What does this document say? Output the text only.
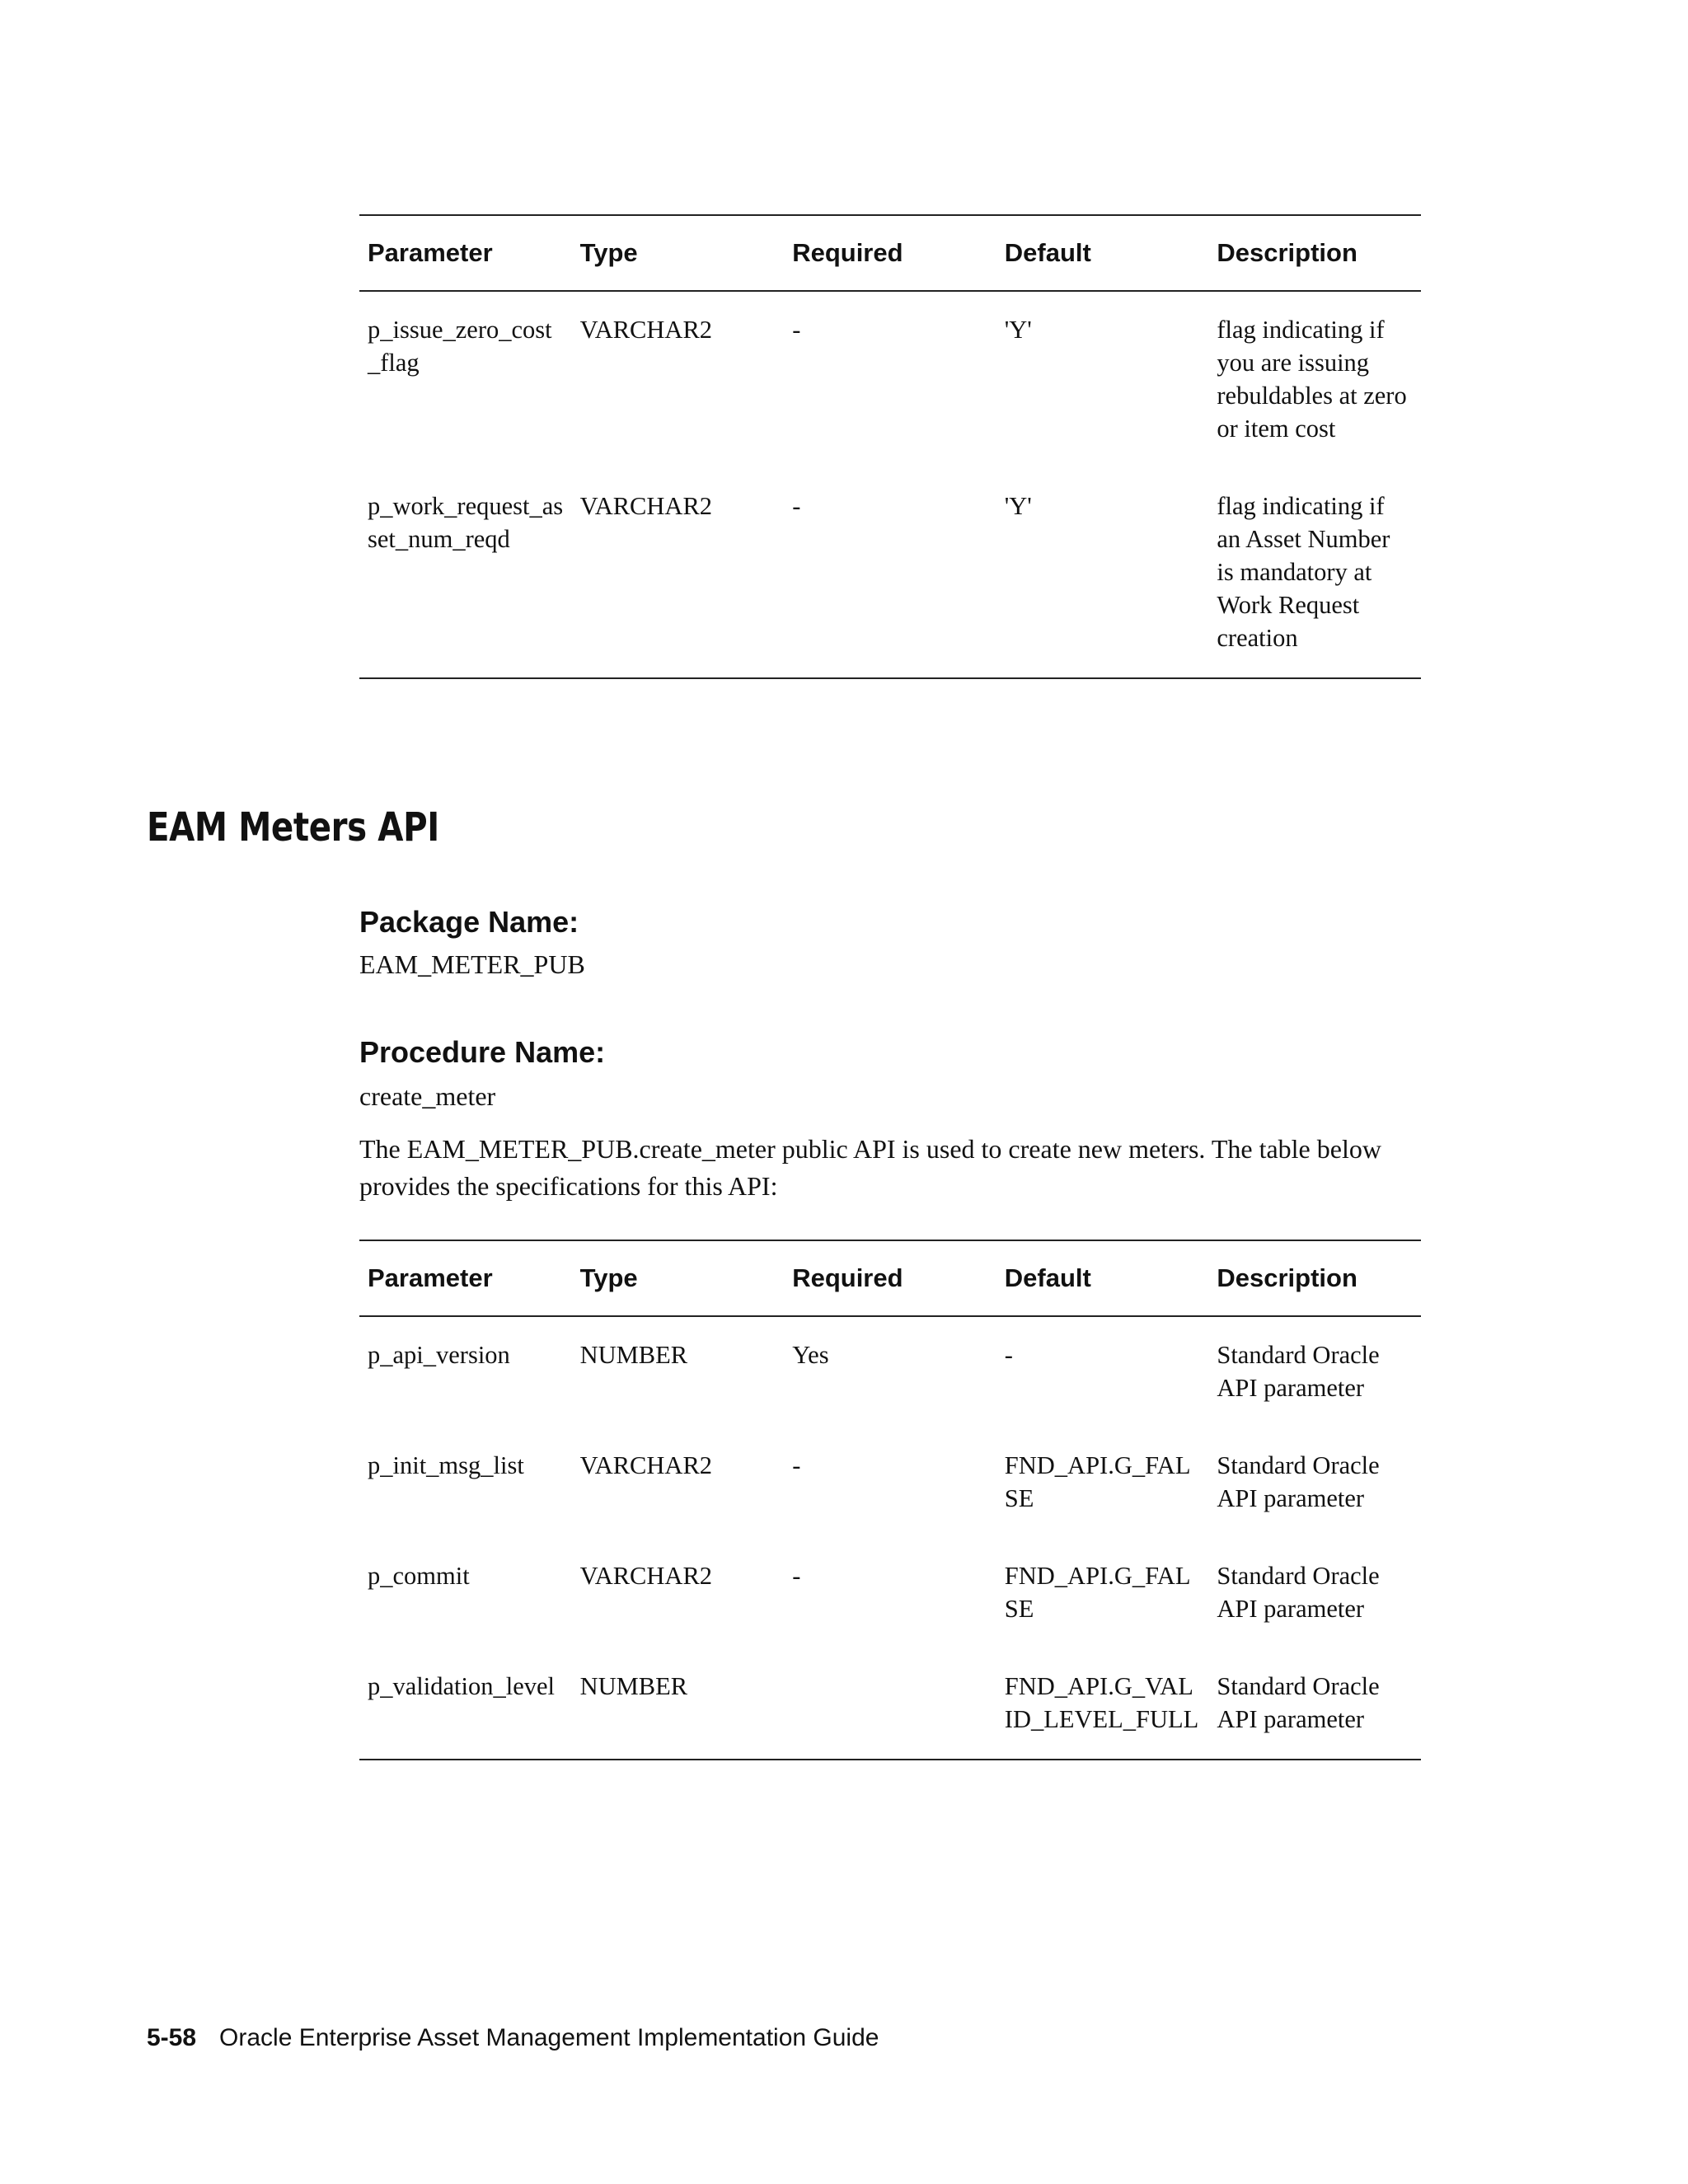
Parameter	Type	Required	Default	Description
p_issue_zero_cost_flag	VARCHAR2	-	'Y'	flag indicating if you are issuing rebuldables at zero or item cost
p_work_request_asset_num_reqd	VARCHAR2	-	'Y'	flag indicating if an Asset Number is mandatory at Work Request creation
EAM Meters API
Package Name:

EAM_METER_PUB

Procedure Name:

create_meter

The EAM_METER_PUB.create_meter public API is used to create new meters. The table below provides the specifications for this API:

Parameter	Type	Required	Default	Description
p_api_version	NUMBER	Yes	-	Standard Oracle API parameter
p_init_msg_list	VARCHAR2	-	FND_API.G_FALSE	Standard Oracle API parameter
p_commit	VARCHAR2	-	FND_API.G_FALSE	Standard Oracle API parameter
p_validation_level	NUMBER		FND_API.G_VALID_LEVEL_FULL	Standard Oracle API parameter
5-58 Oracle Enterprise Asset Management Implementation Guide
